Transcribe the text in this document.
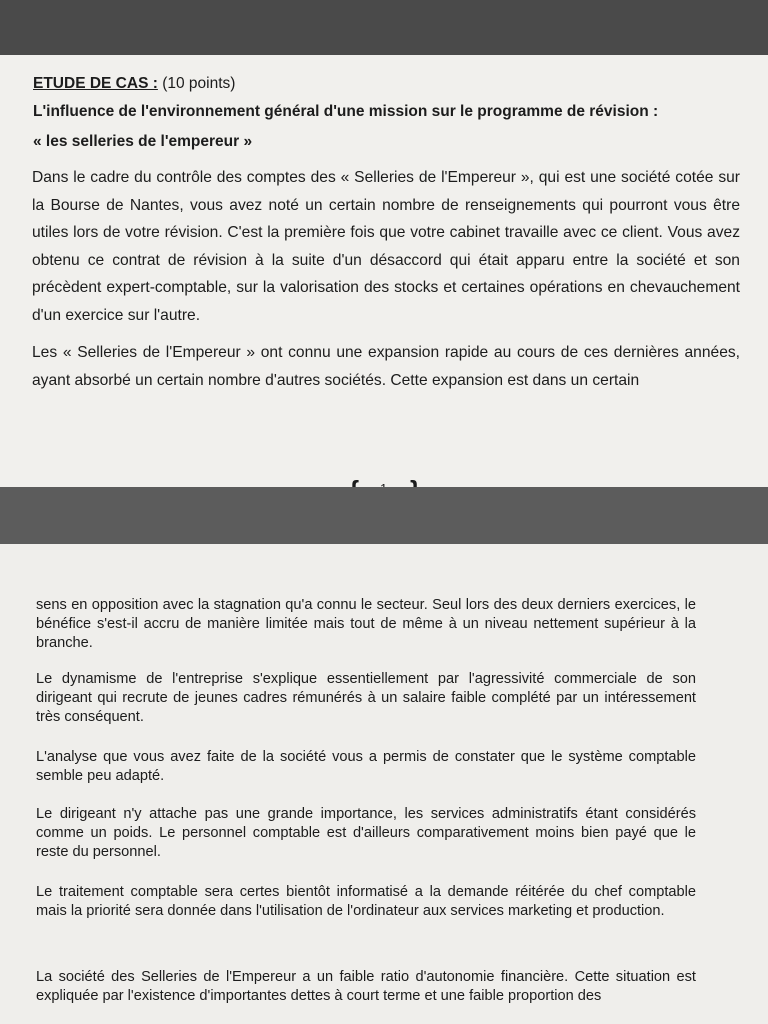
ETUDE DE CAS : (10 points)
L'influence de l'environnement général d'une mission sur le programme de révision :
« les selleries de l'empereur »

Dans le cadre du contrôle des comptes des « Selleries de l'Empereur », qui est une société cotée sur la Bourse de Nantes, vous avez noté un certain nombre de renseignements qui pourront vous être utiles lors de votre révision. C'est la première fois que votre cabinet travaille avec ce client. Vous avez obtenu ce contrat de révision à la suite d'un désaccord qui était apparu entre la société et son précèdent expert-comptable, sur la valorisation des stocks et certaines opérations en chevauchement d'un exercice sur l'autre.

Les « Selleries de l'Empereur » ont connu une expansion rapide au cours de ces dernières années, ayant absorbé un certain nombre d'autres sociétés. Cette expansion est dans un certain

sens en opposition avec la stagnation qu'a connu le secteur. Seul lors des deux derniers exercices, le bénéfice s'est-il accru de manière limitée mais tout de même à un niveau nettement supérieur à la branche.

Le dynamisme de l'entreprise s'explique essentiellement par l'agressivité commerciale de son dirigeant qui recrute de jeunes cadres rémunérés à un salaire faible complété par un intéressement très conséquent.

L'analyse que vous avez faite de la société vous a permis de constater que le système comptable semble peu adapté.

Le dirigeant n'y attache pas une grande importance, les services administratifs étant considérés comme un poids. Le personnel comptable est d'ailleurs comparativement moins bien payé que le reste du personnel.

Le traitement comptable sera certes bientôt informatisé a la demande réitérée du chef comptable mais la priorité sera donnée dans l'utilisation de l'ordinateur aux services marketing et production.

La société des Selleries de l'Empereur a un faible ratio d'autonomie financière. Cette situation est expliquée par l'existence d'importantes dettes à court terme et une faible proportion des
